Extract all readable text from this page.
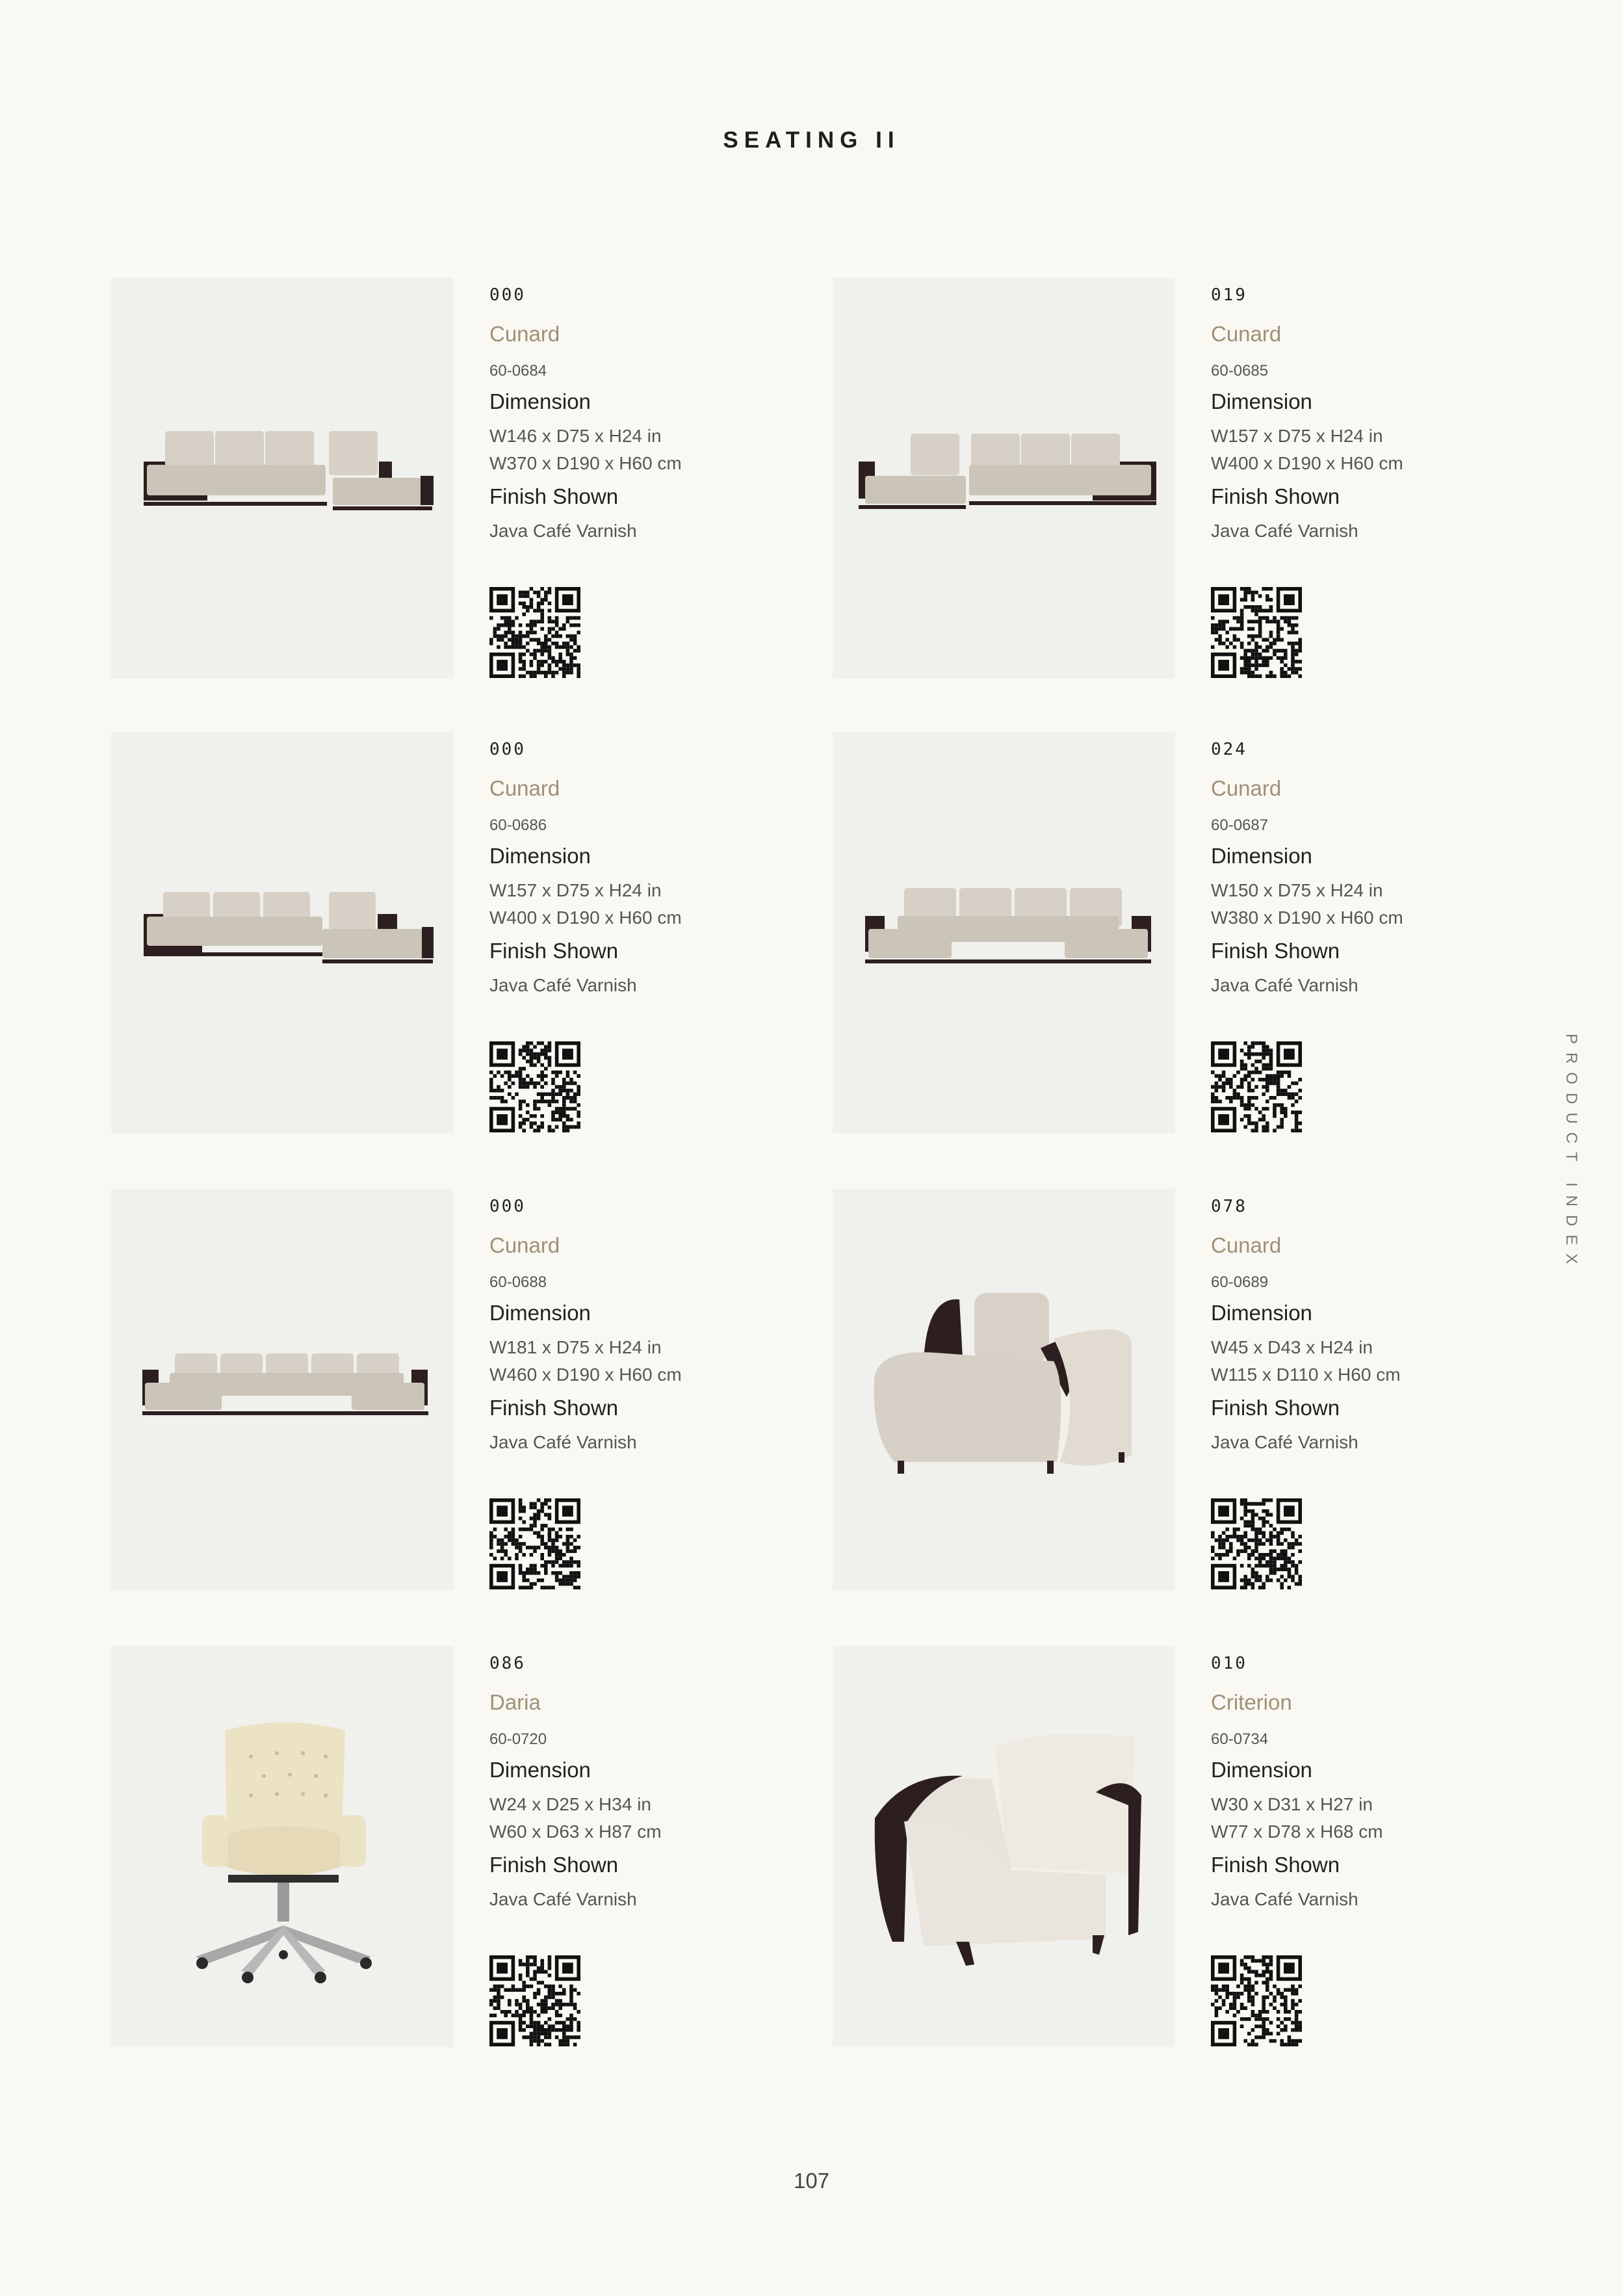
SEATING II
000
Cunard
60-0684
Dimension
W146 x D75 x H24 in
W370 x D190 x H60 cm
Finish Shown
Java Café Varnish
019
Cunard
60-0685
Dimension
W157 x D75 x H24 in
W400 x D190 x H60 cm
Finish Shown
Java Café Varnish
000
Cunard
60-0686
Dimension
W157 x D75 x H24 in
W400 x D190 x H60 cm
Finish Shown
Java Café Varnish
024
Cunard
60-0687
Dimension
W150 x D75 x H24 in
W380 x D190 x H60 cm
Finish Shown
Java Café Varnish
000
Cunard
60-0688
Dimension
W181 x D75 x H24 in
W460 x D190 x H60 cm
Finish Shown
Java Café Varnish
078
Cunard
60-0689
Dimension
W45 x D43 x H24 in
W115 x D110 x H60 cm
Finish Shown
Java Café Varnish
086
Daria
60-0720
Dimension
W24 x D25 x H34 in
W60 x D63 x H87 cm
Finish Shown
Java Café Varnish
010
Criterion
60-0734
Dimension
W30 x D31 x H27 in
W77 x D78 x H68 cm
Finish Shown
Java Café Varnish
PRODUCT INDEX
107
